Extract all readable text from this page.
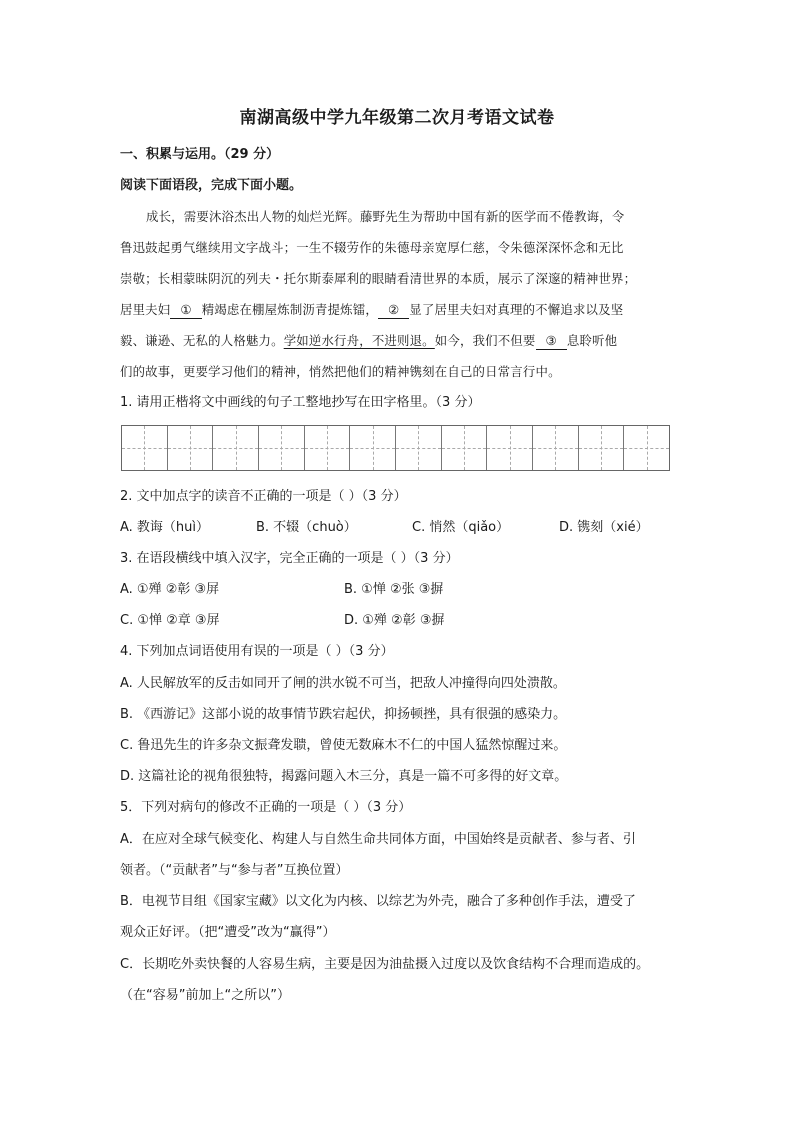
南湖高级中学九年级第二次月考语文试卷
一、积累与运用。（29 分）
阅读下面语段，完成下面小题。
成长，需要沐浴杰出人物的灿烂光辉。藤野先生为帮助中国有新的医学而不倦教诲，令
鲁迅鼓起勇气继续用文字战斗；一生不辍劳作的朱德母亲宽厚仁慈，令朱德深深怀念和无比
崇敬；长相蒙昧阴沉的列夫・托尔斯泰犀利的眼睛看清世界的本质，展示了深邃的精神世界；
居里夫妇 ① 精竭虑在棚屋炼制沥青提炼镭， ② 显了居里夫妇对真理的不懈追求以及坚
毅、谦逊、无私的人格魅力。学如逆水行舟，不进则退。如今，我们不但要 ③ 息聆听他
们的故事，更要学习他们的精神，悄然把他们的精神镌刻在自己的日常言行中。
1. 请用正楷将文中画线的句子工整地抄写在田字格里。（3 分）
2. 文中加点字的读音不正确的一项是（ ）（3 分）
A. 教诲（huì）	B. 不辍（chuò）	C. 悄然（qiǎo）	D. 镌刻（xié）
3. 在语段横线中填入汉字，完全正确的一项是（ ）（3 分）
A. ①殚 ②彰 ③屏	B. ①惮 ②张 ③摒
C. ①惮 ②章 ③屏	D. ①殚 ②彰 ③摒
4. 下列加点词语使用有误的一项是（ ）（3 分）
A. 人民解放军的反击如同开了闸的洪水锐不可当，把敌人冲撞得向四处溃散。
B. 《西游记》这部小说的故事情节跌宕起伏，抑扬顿挫，具有很强的感染力。
C. 鲁迅先生的许多杂文振聋发聩，曾使无数麻木不仁的中国人猛然惊醒过来。
D. 这篇社论的视角很独特，揭露问题入木三分，真是一篇不可多得的好文章。
5．下列对病句的修改不正确的一项是（ ）（3 分）
A．在应对全球气候变化、构建人与自然生命共同体方面，中国始终是贡献者、参与者、引
领者。（“贡献者”与“参与者”互换位置）
B．电视节目组《国家宝藏》以文化为内核、以综艺为外壳，融合了多种创作手法，遭受了
观众正好评。（把“遭受”改为“赢得”）
C．长期吃外卖快餐的人容易生病，主要是因为油盐摄入过度以及饮食结构不合理而造成的。
（在“容易”前加上“之所以”）
